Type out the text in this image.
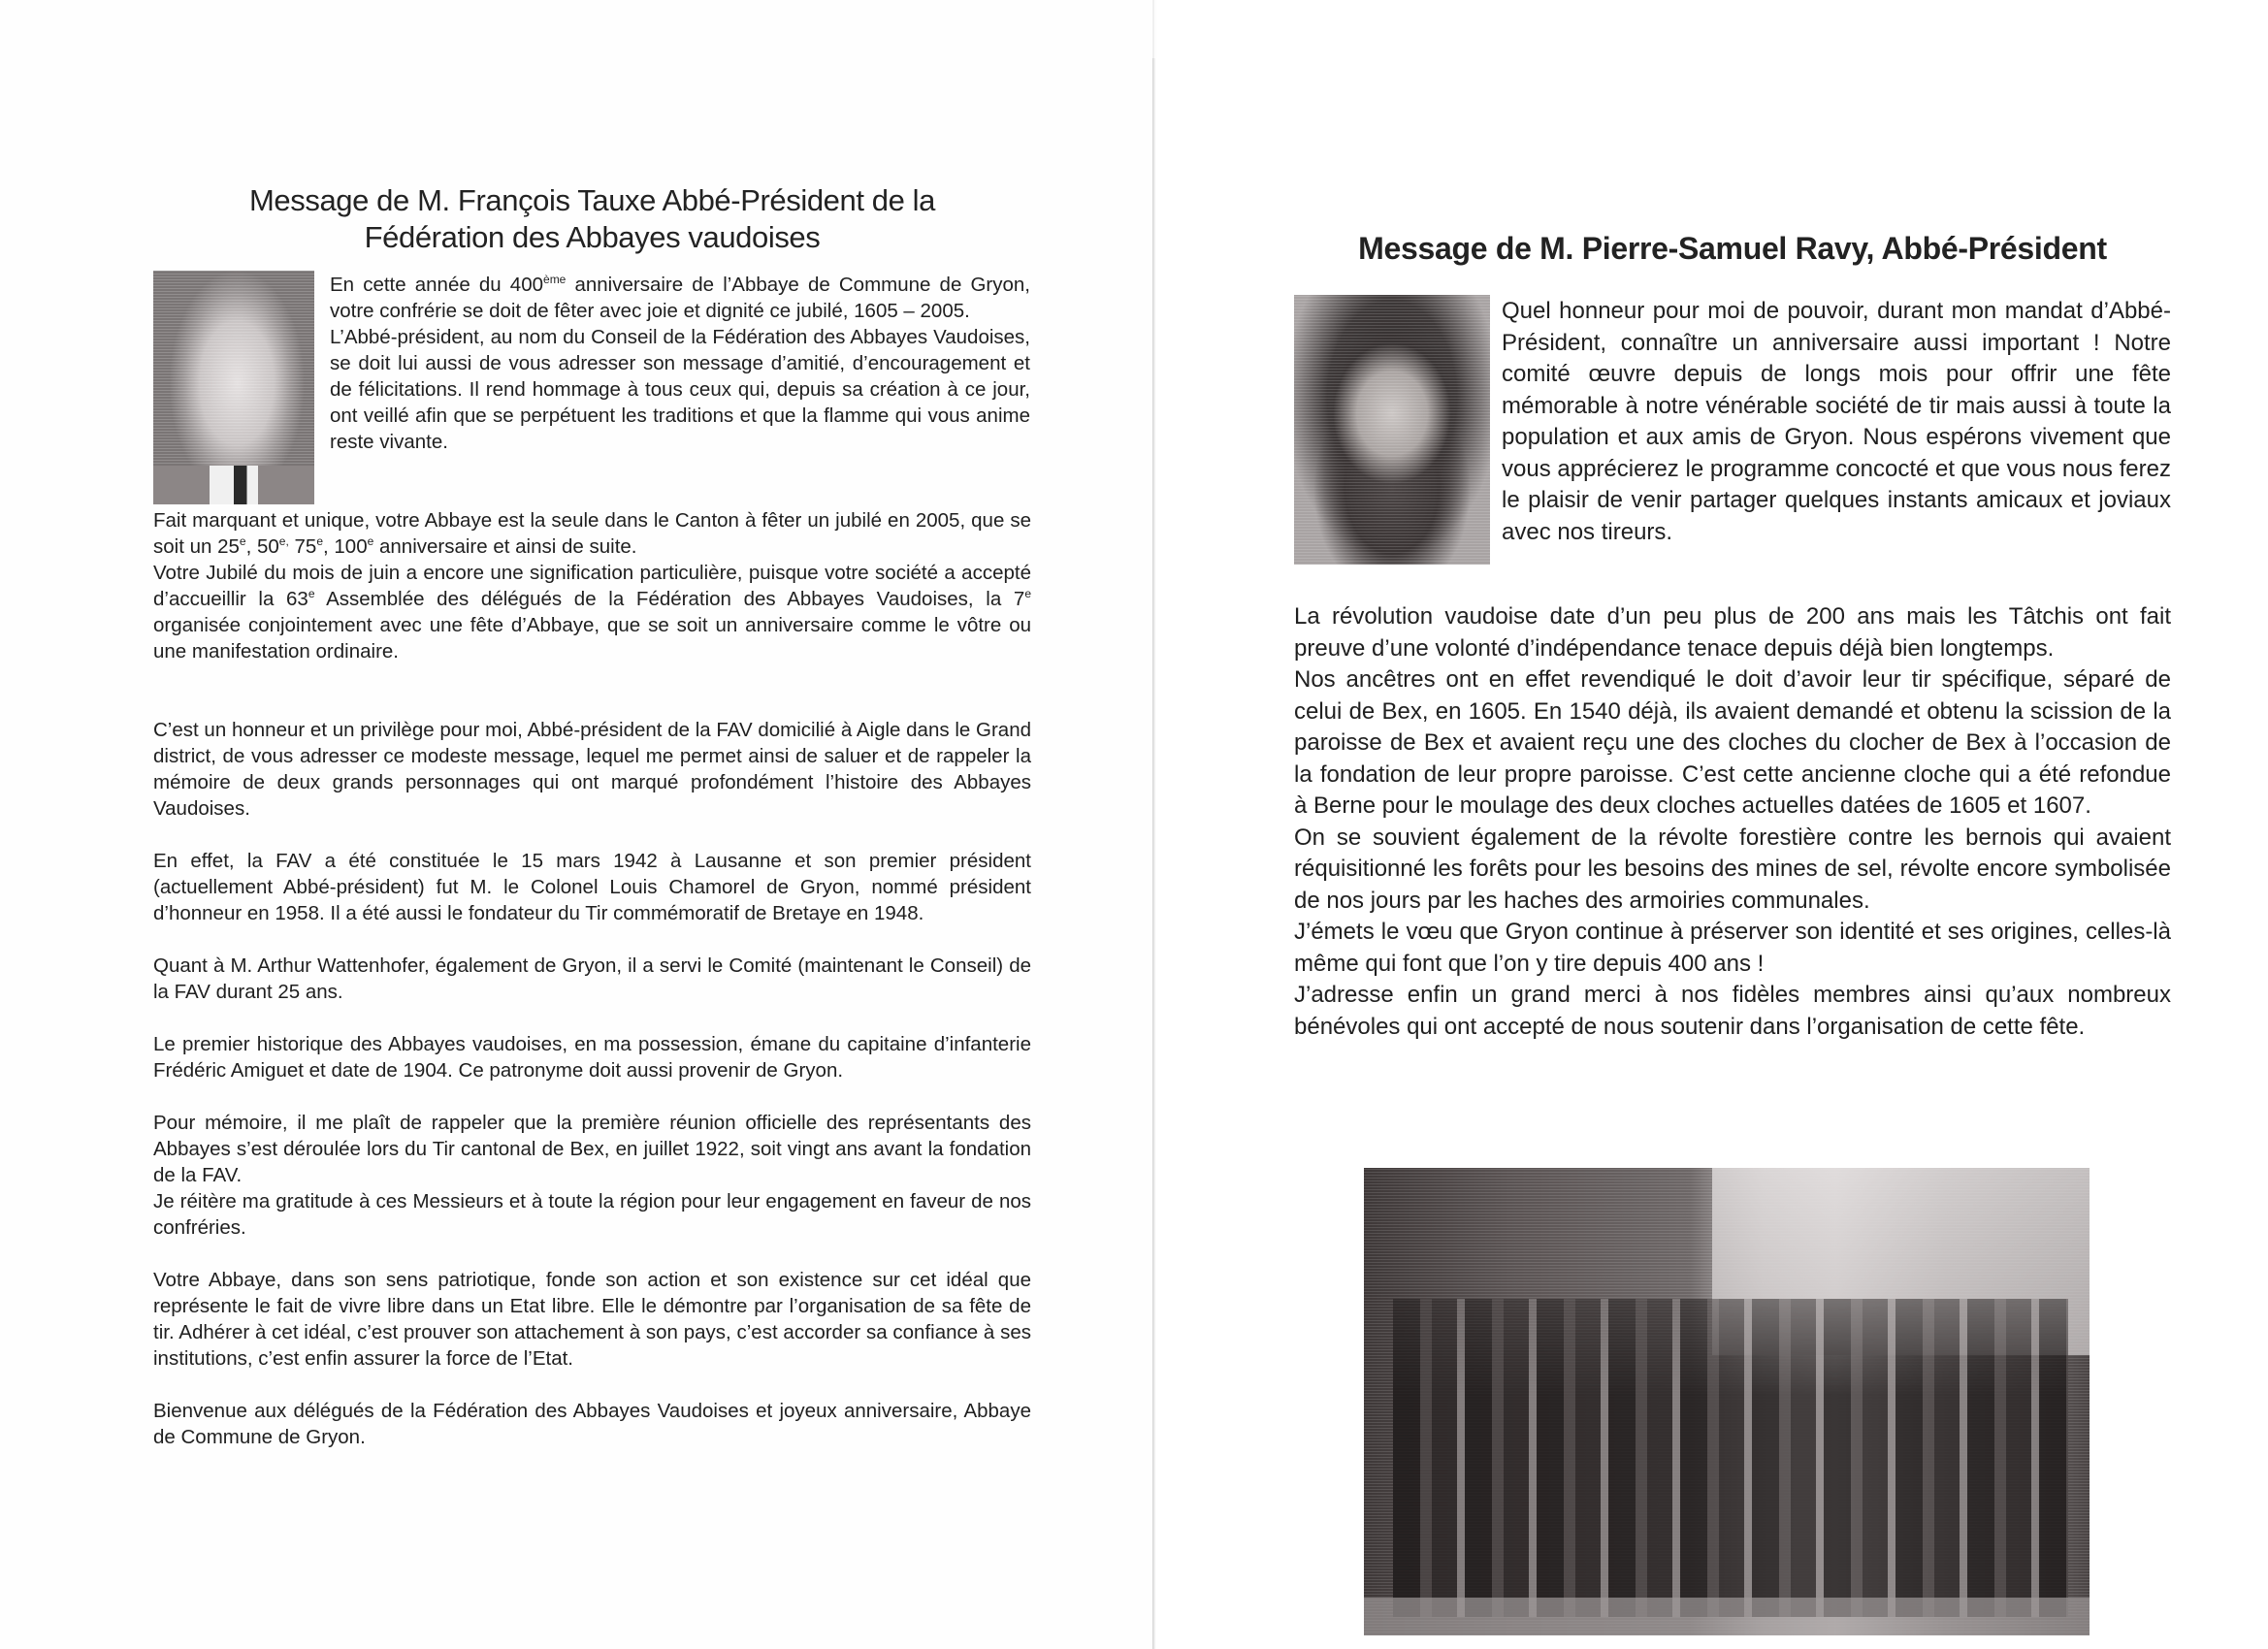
Message de M. François Tauxe Abbé-Président de la
Fédération des Abbayes vaudoises

En cette année du 400ème anniversaire de l’Abbaye de Commune de Gryon, votre confrérie se doit de fêter avec joie et dignité ce jubilé, 1605 – 2005.

L’Abbé-président, au nom du Conseil de la Fédération des Abbayes Vaudoises, se doit lui aussi de vous adresser son message d’amitié, d’encouragement et de félicitations. Il rend hommage à tous ceux qui, depuis sa création à ce jour, ont veillé afin que se perpétuent les traditions et que la flamme qui vous anime reste vivante.

Fait marquant et unique, votre Abbaye est la seule dans le Canton à fêter un jubilé en 2005, que se soit un 25e, $50^{e,}$ 75e, 100e anniversaire et ainsi de suite.

Votre Jubilé du mois de juin a encore une signification particulière, puisque votre société a accepté d’accueillir la 63e Assemblée des délégués de la Fédération des Abbayes Vaudoises, la 7e organisée conjointement avec une fête d’Abbaye, que se soit un anniversaire comme le vôtre ou une manifestation ordinaire.

C’est un honneur et un privilège pour moi, Abbé-président de la FAV domicilié à Aigle dans le Grand district, de vous adresser ce modeste message, lequel me permet ainsi de saluer et de rappeler la mémoire de deux grands personnages qui ont marqué profondément l’histoire des Abbayes Vaudoises.

En effet, la FAV a été constituée le 15 mars 1942 à Lausanne et son premier président (actuellement Abbé-président) fut M. le Colonel Louis Chamorel de Gryon, nommé président d’honneur en 1958. Il a été aussi le fondateur du Tir commémoratif de Bretaye en 1948.

Quant à M. Arthur Wattenhofer, également de Gryon, il a servi le Comité (maintenant le Conseil) de la FAV durant 25 ans.

Le premier historique des Abbayes vaudoises, en ma possession, émane du capitaine d’infanterie Frédéric Amiguet et date de 1904. Ce patronyme doit aussi provenir de Gryon.

Pour mémoire, il me plaît de rappeler que la première réunion officielle des représentants des Abbayes s’est déroulée lors du Tir cantonal de Bex, en juillet 1922, soit vingt ans avant la fondation de la FAV.

Je réitère ma gratitude à ces Messieurs et à toute la région pour leur engagement en faveur de nos confréries.

Votre Abbaye, dans son sens patriotique, fonde son action et son existence sur cet idéal que représente le fait de vivre libre dans un Etat libre. Elle le démontre par l’organisation de sa fête de tir. Adhérer à cet idéal, c’est prouver son attachement à son pays, c’est accorder sa confiance à ses institutions, c’est enfin assurer la force de l’Etat.

Bienvenue aux délégués de la Fédération des Abbayes Vaudoises et joyeux anniversaire, Abbaye de Commune de Gryon.

Message de M. Pierre-Samuel Ravy, Abbé-Président

Quel honneur pour moi de pouvoir, durant mon mandat d’Abbé-Président, connaître un anniversaire aussi important ! Notre comité œuvre depuis de longs mois pour offrir une fête mémorable à notre vénérable société de tir mais aussi à toute la population et aux amis de Gryon. Nous espérons vivement que vous apprécierez le programme concocté et que vous nous ferez le plaisir de venir partager quelques instants amicaux et joviaux avec nos tireurs.

La révolution vaudoise date d’un peu plus de 200 ans mais les Tâtchis ont fait preuve d’une volonté d’indépendance tenace depuis déjà bien longtemps.

Nos ancêtres ont en effet revendiqué le doit d’avoir leur tir spécifique, séparé de celui de Bex, en 1605. En 1540 déjà, ils avaient demandé et obtenu la scission de la paroisse de Bex et avaient reçu une des cloches du clocher de Bex à l’occasion de la fondation de leur propre paroisse. C’est cette ancienne cloche qui a été refondue à Berne pour le moulage des deux cloches actuelles datées de 1605 et 1607.

On se souvient également de la révolte forestière contre les bernois qui avaient réquisitionné les forêts pour les besoins des mines de sel, révolte encore symbolisée de nos jours par les haches des armoiries communales.

J’émets le vœu que Gryon continue à préserver son identité et ses origines, celles-là même qui font que l’on y tire depuis 400 ans !

J’adresse enfin un grand merci à nos fidèles membres ainsi qu’aux nombreux bénévoles qui ont accepté de nous soutenir dans l’organisation de cette fête.
